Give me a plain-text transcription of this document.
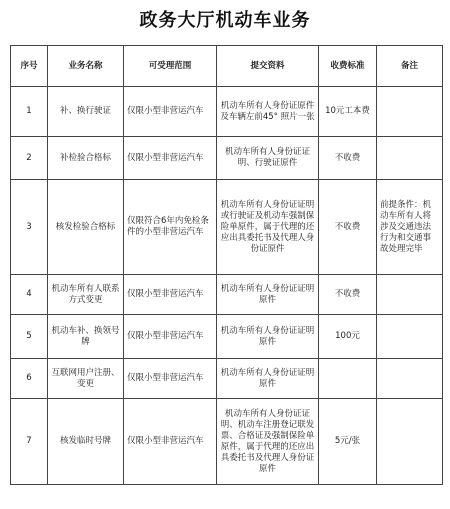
政务大厅机动车业务
序号	业务名称	可受理范围	提交资料	收费标准	备注
1	补、换行驶证	仅限小型非营运汽车	机动车所有人身份证原件及车辆左前45° 照片一张	10元工本费	
2	补检验合格标	仅限小型非营运汽车	机动车所有人身份证证明、行驶证原件	不收费	
3	核发检验合格标	仅限符合6年内免检条件的小型非营运汽车	机动车所有人身份证证明或行驶证及机动车强制保险单原件，属于代理的还应出具委托书及代理人身份证原件	不收费	前提条件：机动车所有人将涉及交通违法行为和交通事故处理完毕
4	机动车所有人联系方式变更	仅限小型非营运汽车	机动车所有人身份证证明原件	不收费	
5	机动车补、换领号牌	仅限小型非营运汽车	机动车所有人身份证证明原件	100元	
6	互联网用户注册、变更	仅限小型非营运汽车	机动车所有人身份证证明原件		
7	核发临时号牌	仅限小型非营运汽车	机动车所有人身份证证明、机动车注册登记联发票、合格证及强制保险单原件，属于代理的还应出具委托书及代理人身份证原件	5元/张	
